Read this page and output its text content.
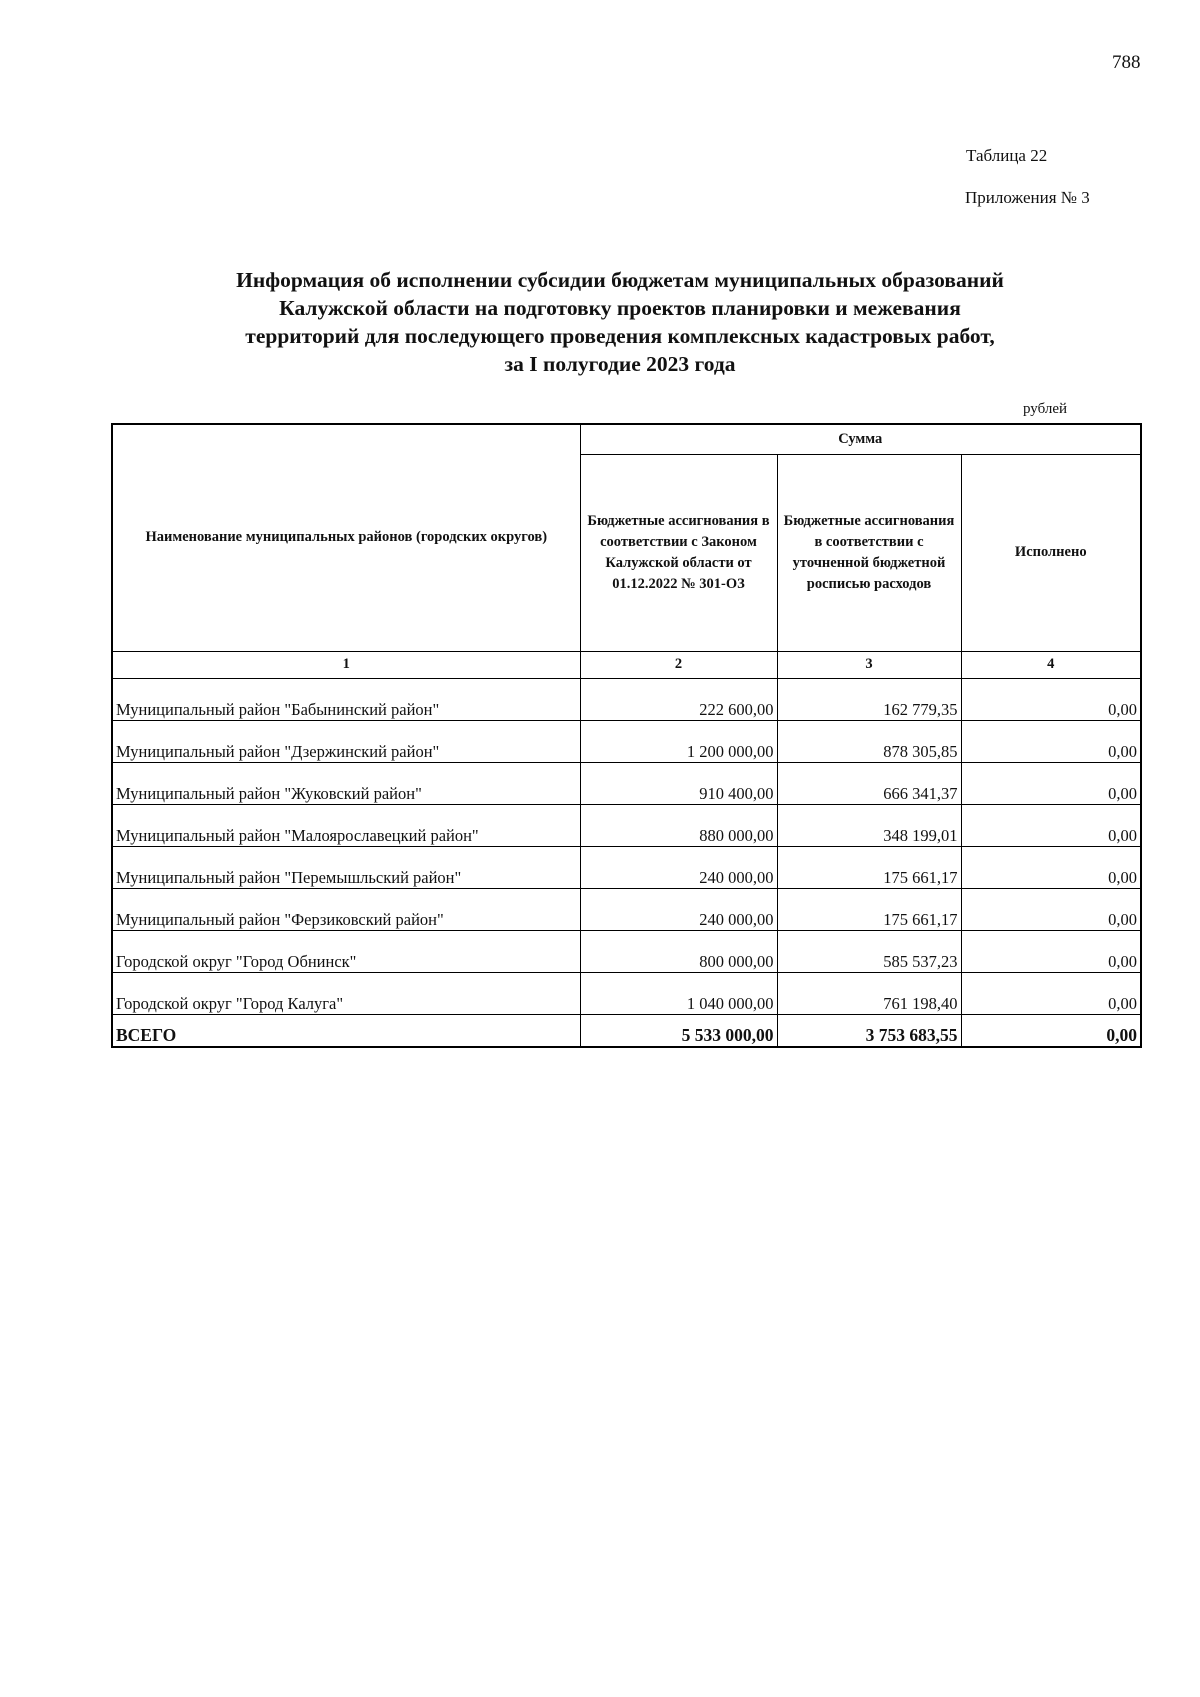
788
Таблица 22
Приложения № 3
Информация об исполнении субсидии бюджетам муниципальных образований
Калужской области на подготовку проектов планировки и межевания
территорий для последующего проведения комплексных кадастровых работ,
за I полугодие 2023 года
рублей
Наименование муниципальных районов (городских округов)	Сумма		
	Бюджетные ассигнования в соответствии с Законом Калужской области от 01.12.2022 № 301-ОЗ	Бюджетные ассигнования в соответствии с уточненной бюджетной росписью расходов	Исполнено
1	2	3	4
Муниципальный район "Бабынинский район"	222 600,00	162 779,35	0,00
Муниципальный район "Дзержинский район"	1 200 000,00	878 305,85	0,00
Муниципальный район "Жуковский район"	910 400,00	666 341,37	0,00
Муниципальный район "Малоярославецкий район"	880 000,00	348 199,01	0,00
Муниципальный район "Перемышльский район"	240 000,00	175 661,17	0,00
Муниципальный район "Ферзиковский район"	240 000,00	175 661,17	0,00
Городской округ "Город Обнинск"	800 000,00	585 537,23	0,00
Городской округ "Город Калуга"	1 040 000,00	761 198,40	0,00
ВСЕГО	5 533 000,00	3 753 683,55	0,00
